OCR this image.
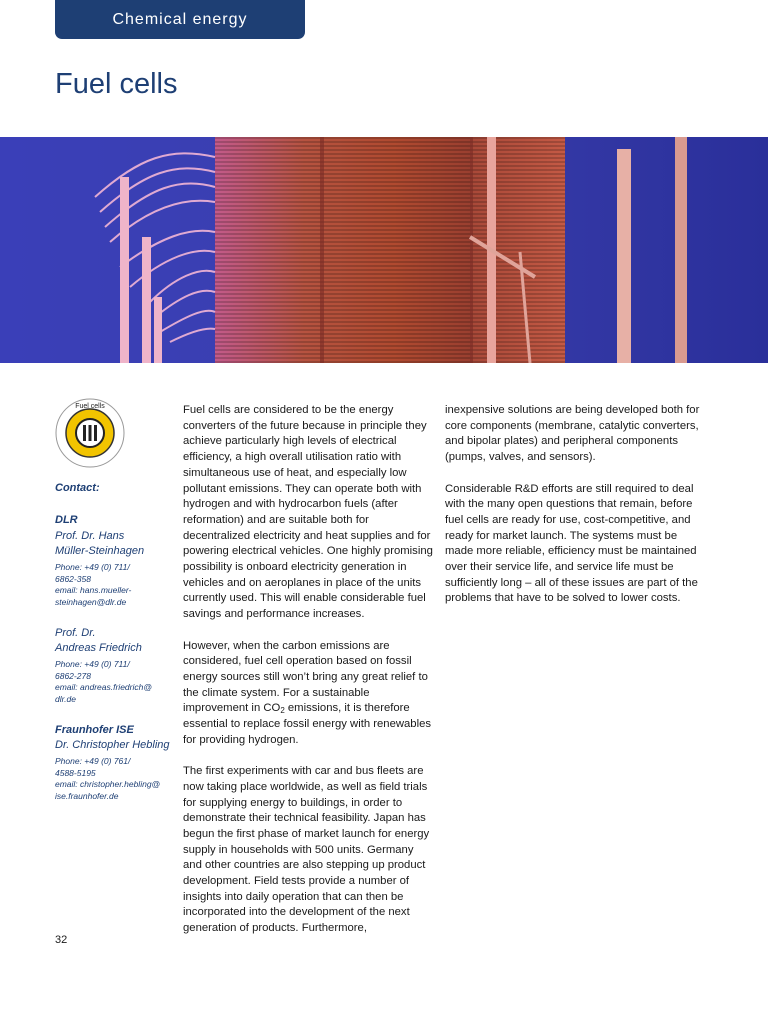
Chemical energy
Fuel cells
Fuel cells

Contact:

DLR

Prof. Dr. Hans

Müller-Steinhagen

Phone: +49 (0) 711/

6862-358

email: hans.mueller-

steinhagen@dlr.de

Prof. Dr.

Andreas Friedrich

Phone: +49 (0) 711/

6862-278

email: andreas.friedrich@

dlr.de

Fraunhofer ISE

Dr. Christopher Hebling

Phone: +49 (0) 761/

4588-5195

email: christopher.hebling@

ise.fraunhofer.de

Fuel cells are considered to be the energy converters of the future because in principle they achieve particularly high levels of electrical efficiency, a high overall utilisation ratio with simultaneous use of heat, and especially low pollutant emissions. They can operate both with hydrogen and with hydrocarbon fuels (after reformation) and are suitable both for decentralized electricity and heat supplies and for powering electrical vehicles. One highly promising possibility is onboard electricity generation in vehicles and on aeroplanes in place of the units currently used. This will enable considerable fuel savings and performance increases.

However, when the carbon emissions are considered, fuel cell operation based on fossil energy sources still won’t bring any great relief to the climate system. For a sustainable improvement in $CO_2$ emissions, it is therefore essential to replace fossil energy with renewables for providing hydrogen.

The first experiments with car and bus fleets are now taking place worldwide, as well as field trials for supplying energy to buildings, in order to demonstrate their technical feasibility. Japan has begun the first phase of market launch for energy supply in households with 500 units. Germany and other countries are also stepping up product development. Field tests provide a number of insights into daily operation that can then be incorporated into the development of the next generation of products. Furthermore,

inexpensive solutions are being developed both for core components (membrane, catalytic converters, and bipolar plates) and peripheral components (pumps, valves, and sensors).

Considerable R&D efforts are still required to deal with the many open questions that remain, before fuel cells are ready for use, cost-competitive, and ready for market launch. The systems must be made more reliable, efficiency must be maintained over their service life, and service life must be sufficiently long – all of these issues are part of the problems that have to be solved to lower costs.

32
